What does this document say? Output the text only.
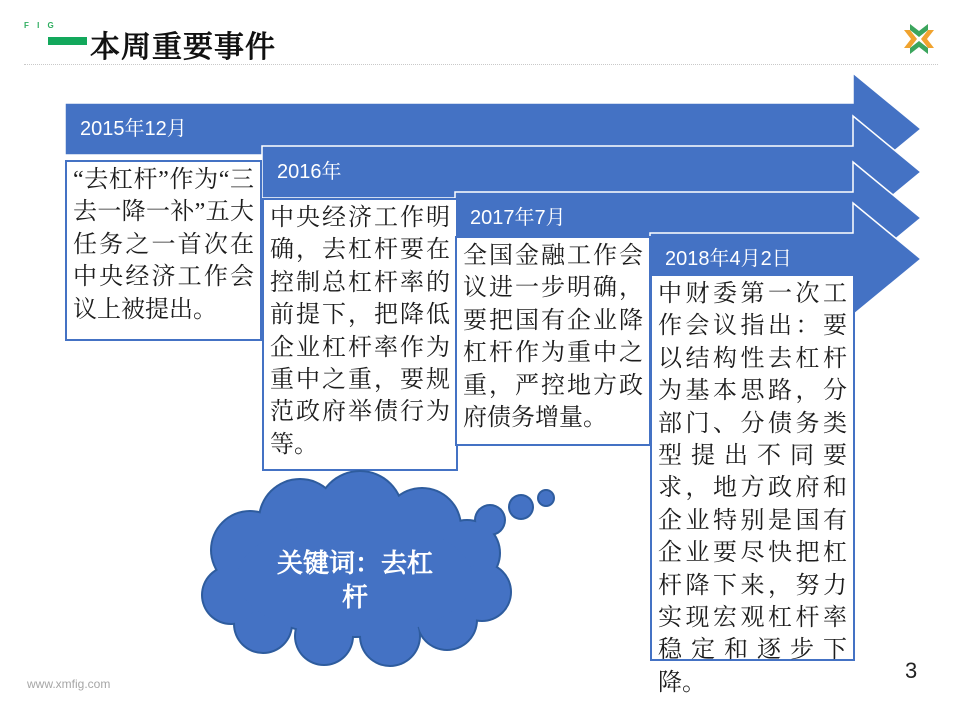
F I G
本周重要事件
2015年12月
2016年
2017年7月
2018年4月2日
“去杠杆”作为“三去一降一补”五大任务之一首次在中央经济工作会议上被提出。
中央经济工作明确，去杠杆要在控制总杠杆率的前提下，把降低企业杠杆率作为重中之重，要规范政府举债行为等。
全国金融工作会议进一步明确，要把国有企业降杠杆作为重中之重，严控地方政府债务增量。
中财委第一次工作会议指出：要以结构性去杠杆为基本思路，分部门、分债务类型提出不同要求，地方政府和企业特别是国有企业要尽快把杠杆降下来，努力实现宏观杠杆率稳定和逐步下降。
关键词：去杠杆
www.xmfig.com
3
